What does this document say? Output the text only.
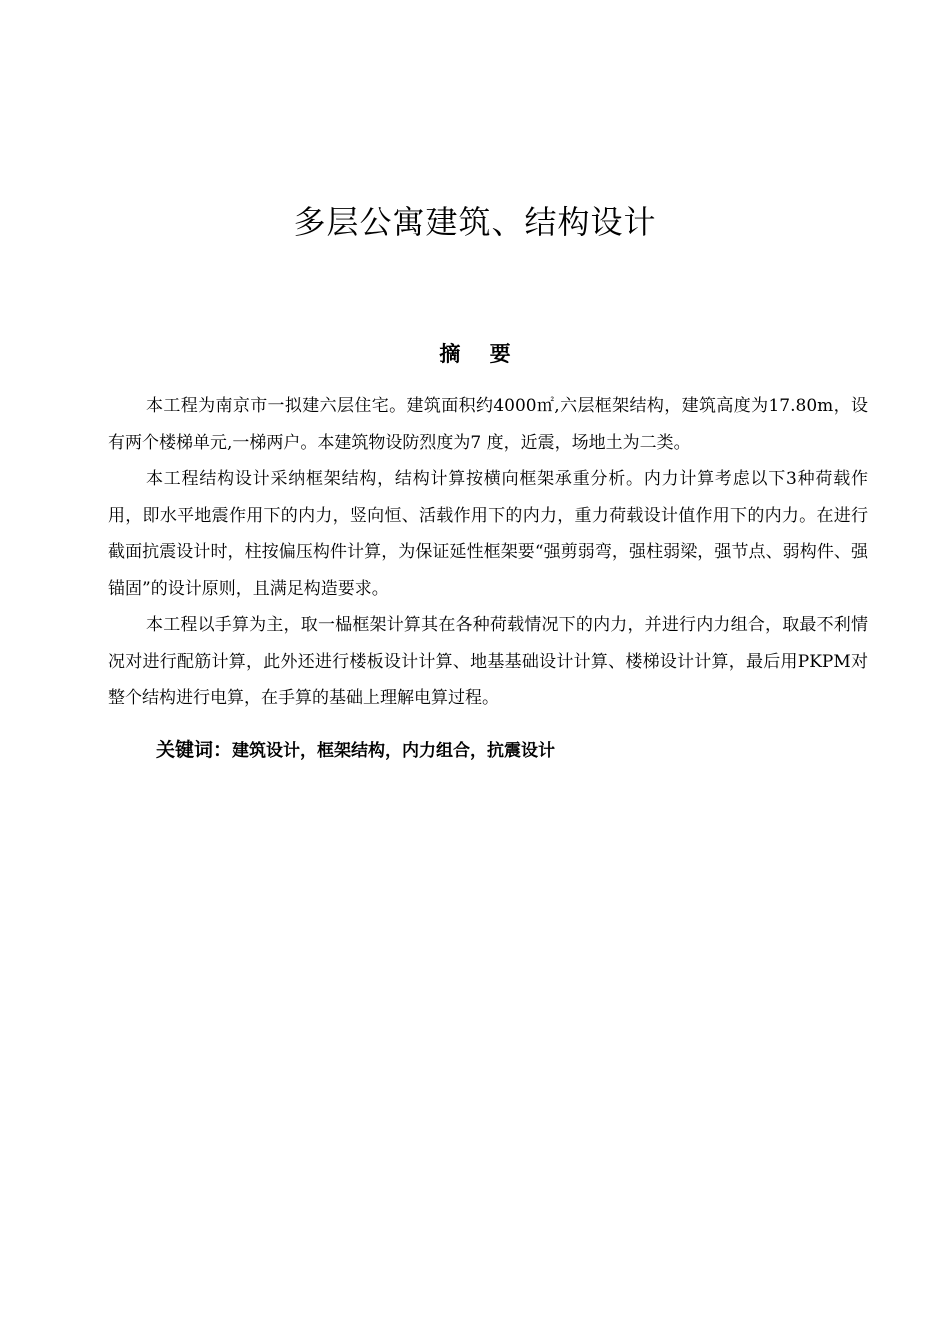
多层公寓建筑、结构设计
摘    要

本工程为南京市一拟建六层住宅。建筑面积约4000㎡,六层框架结构，建筑高度为17.80m，设有两个楼梯单元,一梯两户。本建筑物设防烈度为7 度，近震，场地土为二类。

本工程结构设计采纳框架结构，结构计算按横向框架承重分析。内力计算考虑以下3种荷载作用，即水平地震作用下的内力，竖向恒、活载作用下的内力，重力荷载设计值作用下的内力。在进行截面抗震设计时，柱按偏压构件计算，为保证延性框架要“强剪弱弯，强柱弱梁，强节点、弱构件、强锚固”的设计原则，且满足构造要求。

本工程以手算为主，取一榀框架计算其在各种荷载情况下的内力，并进行内力组合，取最不利情况对进行配筋计算，此外还进行楼板设计计算、地基基础设计计算、楼梯设计计算，最后用PKPM对整个结构进行电算，在手算的基础上理解电算过程。

关键词：建筑设计，框架结构，内力组合，抗震设计
